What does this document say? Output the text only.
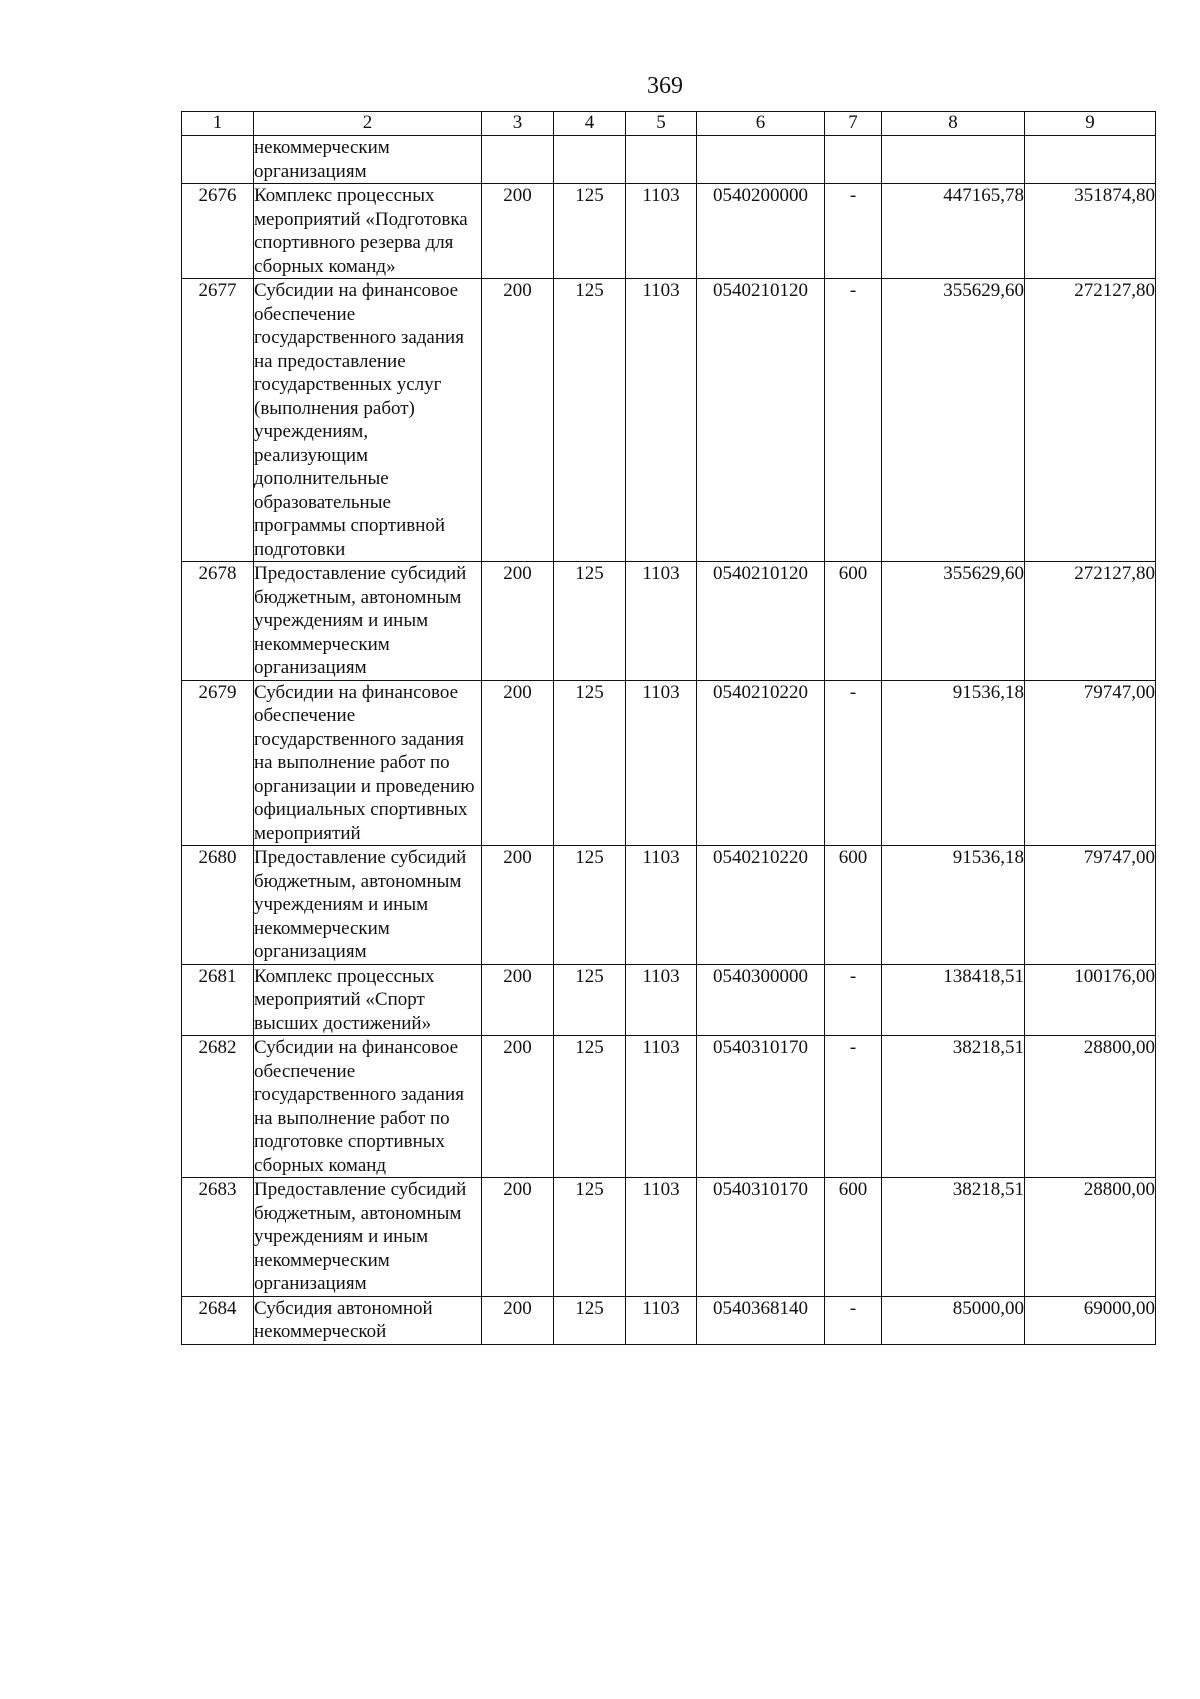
369
1	2	3	4	5	6	7	8	9
	некоммерческим организациям							
2676	Комплекс процессных мероприятий «Подготовка спортивного резерва для сборных команд»	200	125	1103	0540200000	-	447165,78	351874,80
2677	Субсидии на финансовое обеспечение государственного задания на предоставление государственных услуг (выполнения работ) учреждениям, реализующим дополнительные образовательные программы спортивной подготовки	200	125	1103	0540210120	-	355629,60	272127,80
2678	Предоставление субсидий бюджетным, автономным учреждениям и иным некоммерческим организациям	200	125	1103	0540210120	600	355629,60	272127,80
2679	Субсидии на финансовое обеспечение государственного задания на выполнение работ по организации и проведению официальных спортивных мероприятий	200	125	1103	0540210220	-	91536,18	79747,00
2680	Предоставление субсидий бюджетным, автономным учреждениям и иным некоммерческим организациям	200	125	1103	0540210220	600	91536,18	79747,00
2681	Комплекс процессных мероприятий «Спорт высших достижений»	200	125	1103	0540300000	-	138418,51	100176,00
2682	Субсидии на финансовое обеспечение государственного задания на выполнение работ по подготовке спортивных сборных команд	200	125	1103	0540310170	-	38218,51	28800,00
2683	Предоставление субсидий бюджетным, автономным учреждениям и иным некоммерческим организациям	200	125	1103	0540310170	600	38218,51	28800,00
2684	Субсидия автономной некоммерческой	200	125	1103	0540368140	-	85000,00	69000,00
